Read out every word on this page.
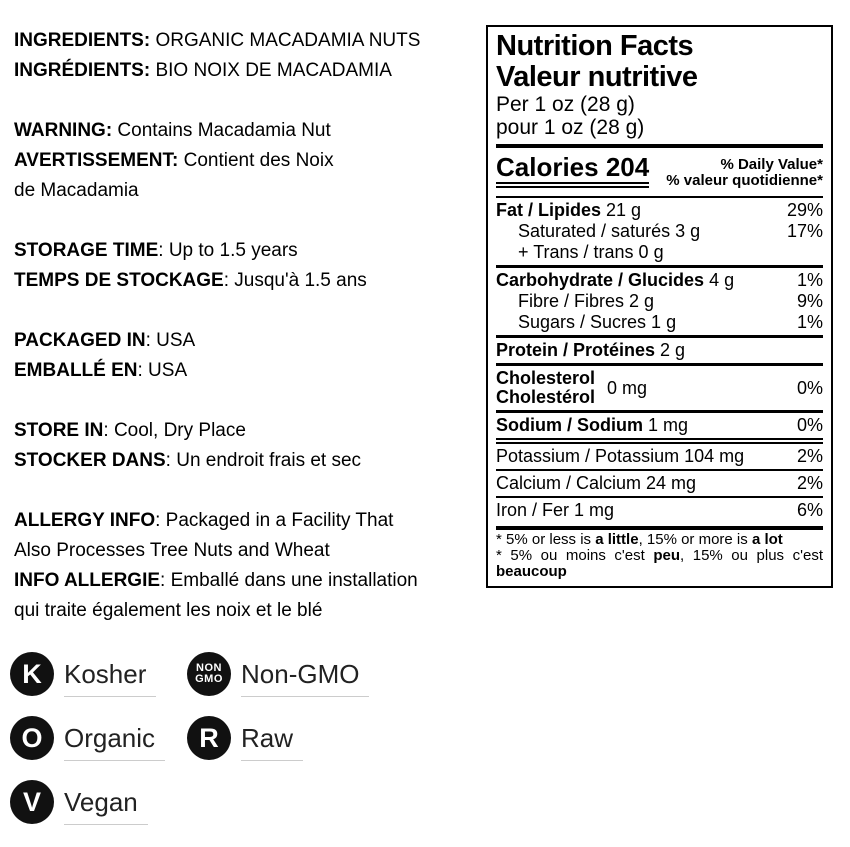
INGREDIENTS: ORGANIC MACADAMIA NUTS
INGRÉDIENTS: BIO NOIX DE MACADAMIA
WARNING: Contains Macadamia Nut
AVERTISSEMENT: Contient des Noix
de Macadamia
STORAGE TIME: Up to 1.5 years
TEMPS DE STOCKAGE: Jusqu'à 1.5 ans
PACKAGED IN: USA
EMBALLÉ EN: USA
STORE IN: Cool, Dry Place
STOCKER DANS: Un endroit frais et sec
ALLERGY INFO: Packaged in a Facility That
Also Processes Tree Nuts and Wheat
INFO ALLERGIE: Emballé dans une installation
qui traite également les noix et le blé
Nutrition Facts
Valeur nutritive
Per 1 oz (28 g)
pour 1 oz (28 g)
Calories 204	% Daily Value*
% valeur quotidienne*
Fat / Lipides 21 g	29%
Saturated / saturés 3 g	17%
+ Trans / trans 0 g
Carbohydrate / Glucides 4 g	1%
Fibre / Fibres 2 g	9%
Sugars / Sucres 1 g	1%
Protein / Protéines 2 g
Cholesterol
Cholestérol 0 mg	0%
Sodium / Sodium 1 mg	0%
Potassium / Potassium 104 mg	2%
Calcium / Calcium 24 mg	2%
Iron / Fer 1 mg	6%
* 5% or less is a little, 15% or more is a lot
* 5% ou moins c'est peu, 15% ou plus c'est beaucoup
K Kosher	NON
GMO Non-GMO
O Organic R Raw
V Vegan
